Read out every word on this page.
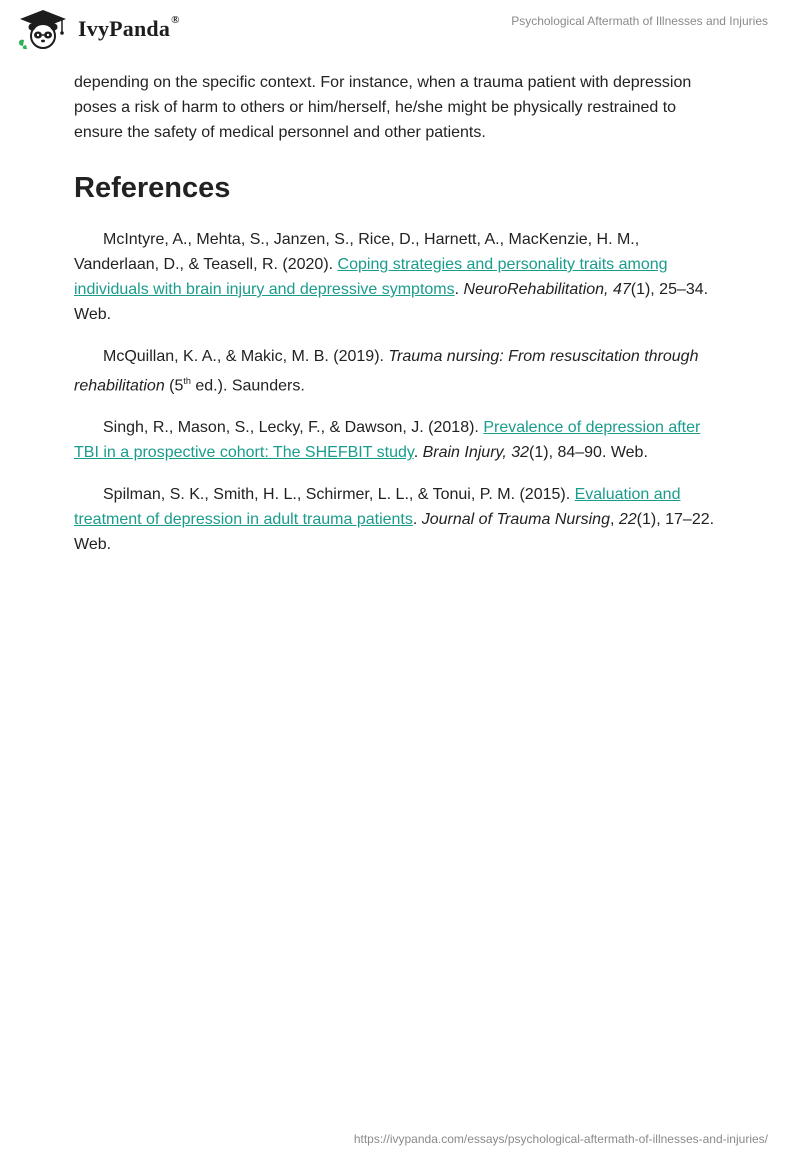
IvyPanda®	Psychological Aftermath of Illnesses and Injuries

depending on the specific context. For instance, when a trauma patient with depression poses a risk of harm to others or him/herself, he/she might be physically restrained to ensure the safety of medical personnel and other patients.

References

McIntyre, A., Mehta, S., Janzen, S., Rice, D., Harnett, A., MacKenzie, H. M., Vanderlaan, D., & Teasell, R. (2020). Coping strategies and personality traits among individuals with brain injury and depressive symptoms. NeuroRehabilitation, 47(1), 25–34. Web.

McQuillan, K. A., & Makic, M. B. (2019). Trauma nursing: From resuscitation through rehabilitation (5th ed.). Saunders.

Singh, R., Mason, S., Lecky, F., & Dawson, J. (2018). Prevalence of depression after TBI in a prospective cohort: The SHEFBIT study. Brain Injury, 32(1), 84–90. Web.

Spilman, S. K., Smith, H. L., Schirmer, L. L., & Tonui, P. M. (2015). Evaluation and treatment of depression in adult trauma patients. Journal of Trauma Nursing, 22(1), 17–22. Web.

https://ivypanda.com/essays/psychological-aftermath-of-illnesses-and-injuries/
